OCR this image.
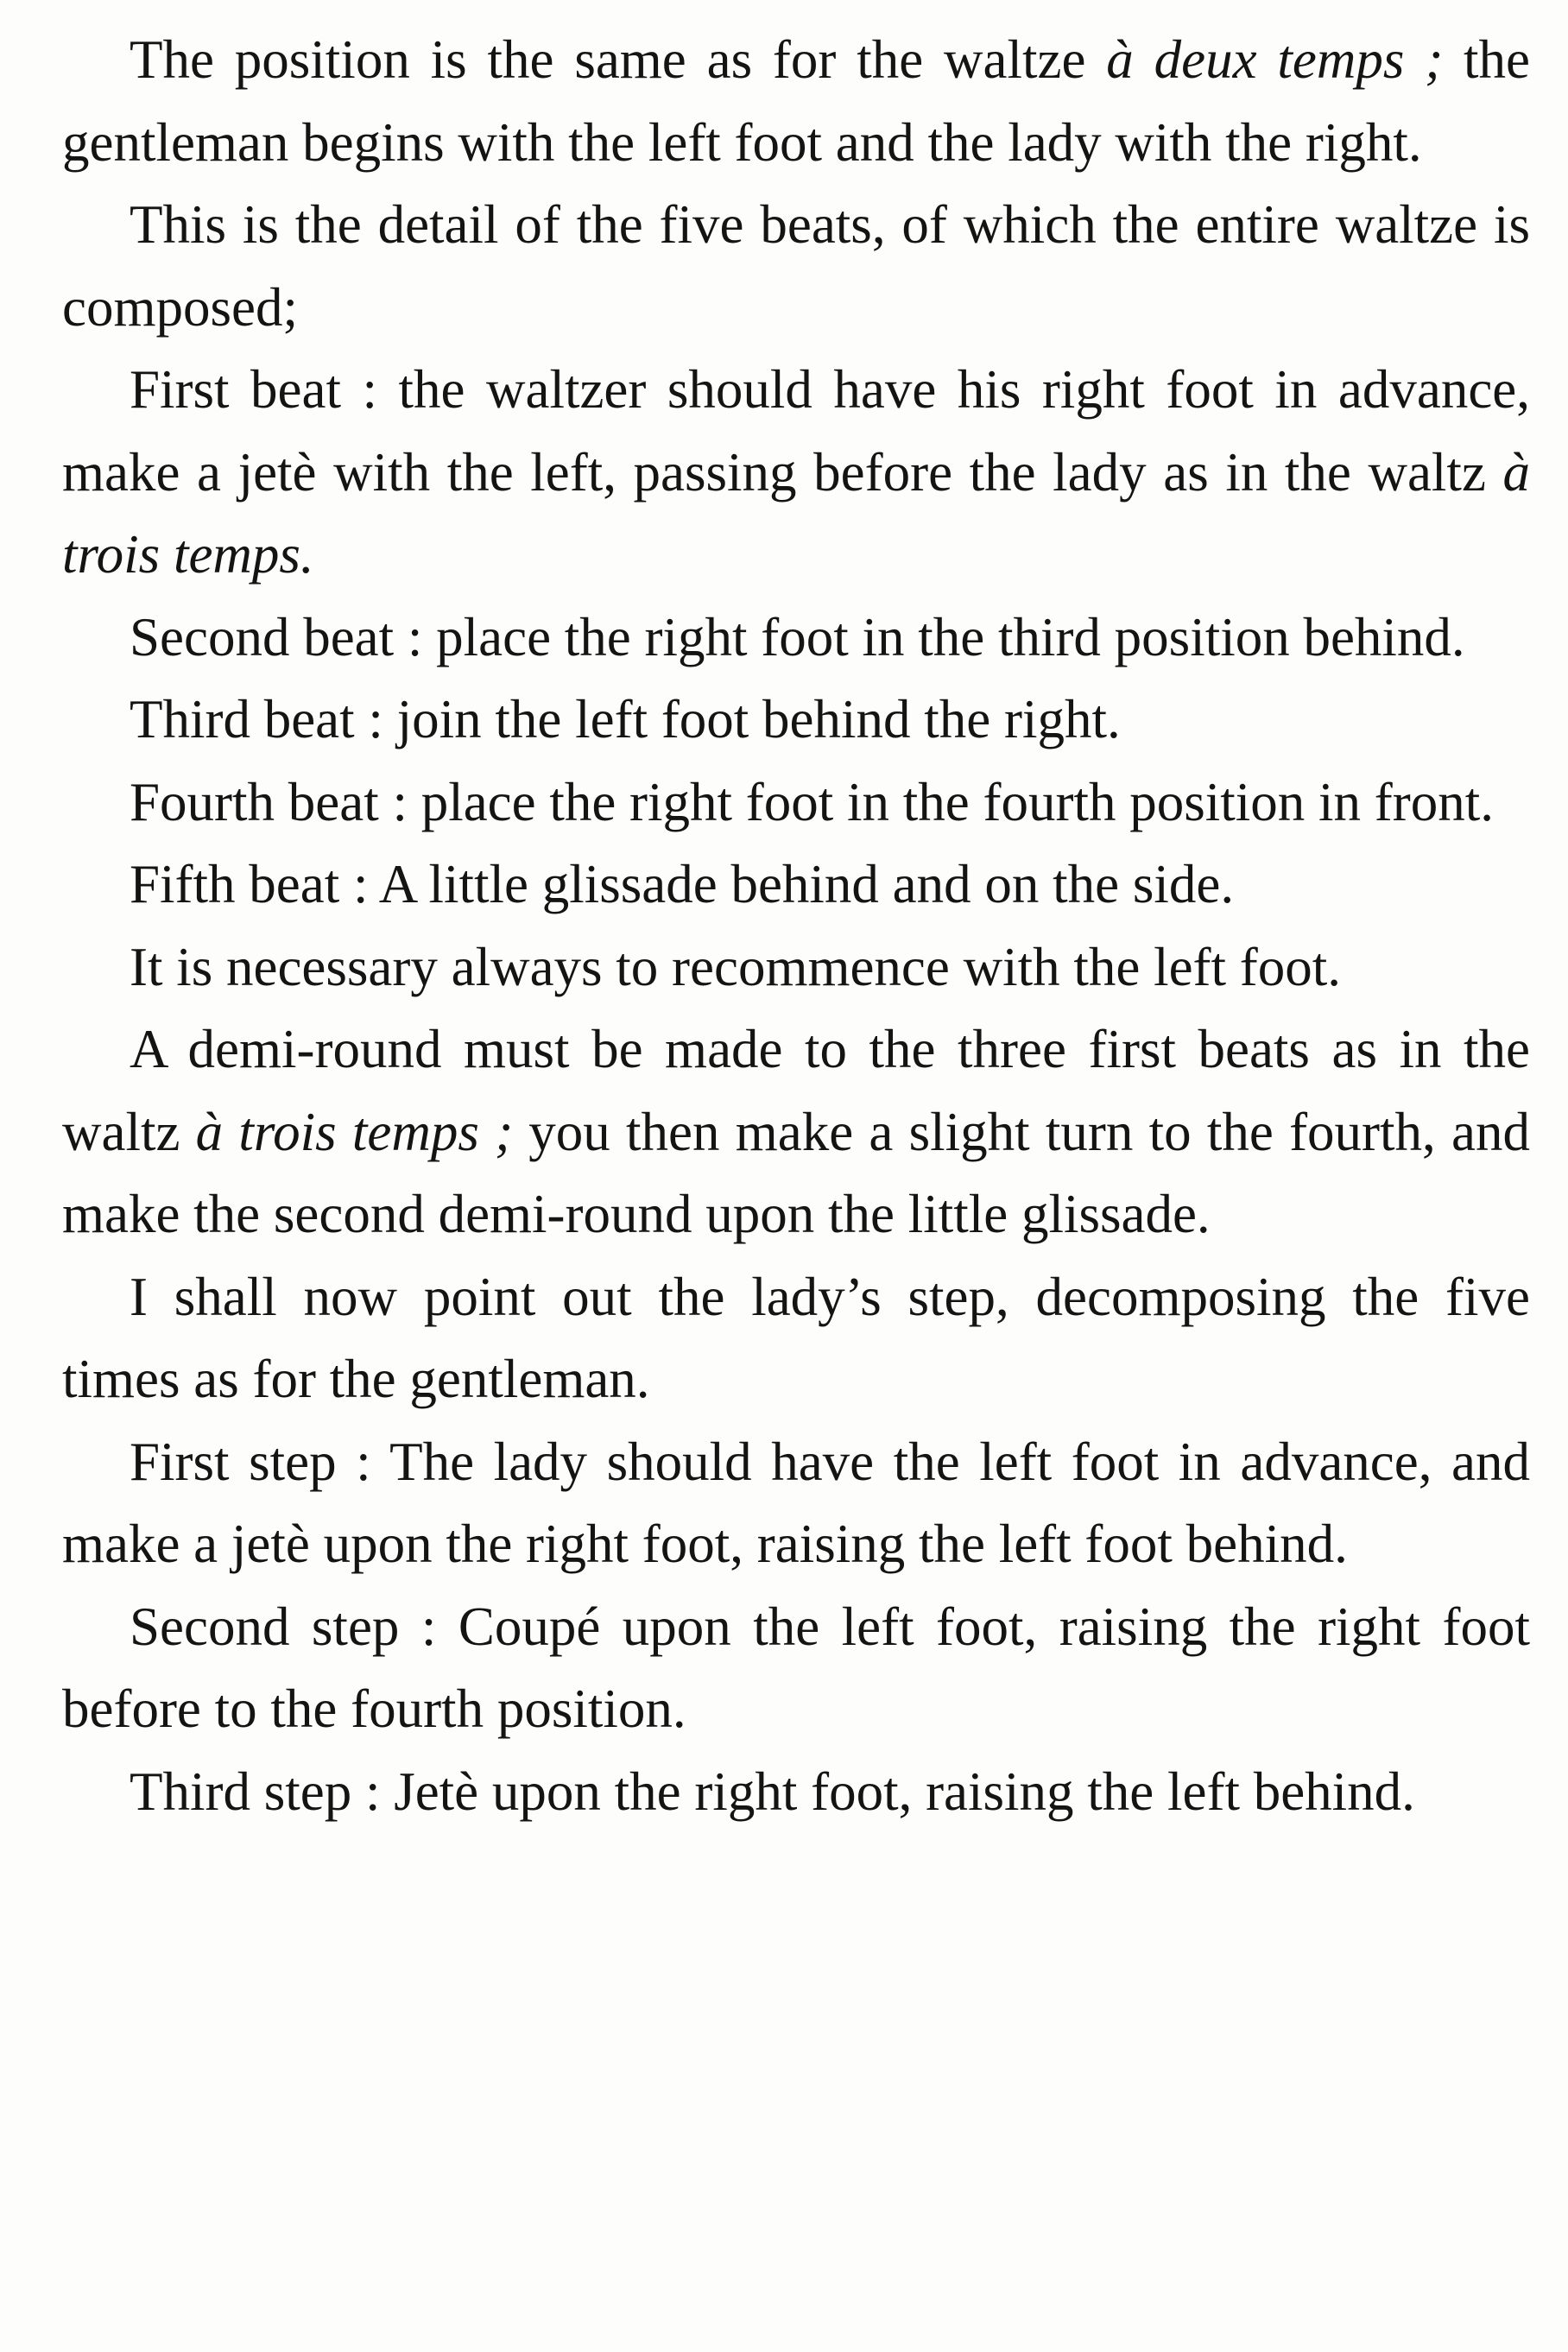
The position is the same as for the waltze à deux temps ; the gentleman begins with the left foot and the lady with the right.

This is the detail of the five beats, of which the entire waltze is composed;

First beat : the waltzer should have his right foot in advance, make a jetè with the left, passing before the lady as in the waltz à trois temps.

Second beat : place the right foot in the third position behind.

Third beat : join the left foot behind the right.

Fourth beat : place the right foot in the fourth position in front.

Fifth beat : A little glissade behind and on the side.

It is necessary always to recommence with the left foot.

A demi-round must be made to the three first beats as in the waltz à trois temps ; you then make a slight turn to the fourth, and make the second demi-round upon the little glissade.

I shall now point out the lady’s step, decomposing the five times as for the gentleman.

First step : The lady should have the left foot in advance, and make a jetè upon the right foot, raising the left foot behind.

Second step : Coupé upon the left foot, raising the right foot before to the fourth position.

Third step : Jetè upon the right foot, raising the left behind.
